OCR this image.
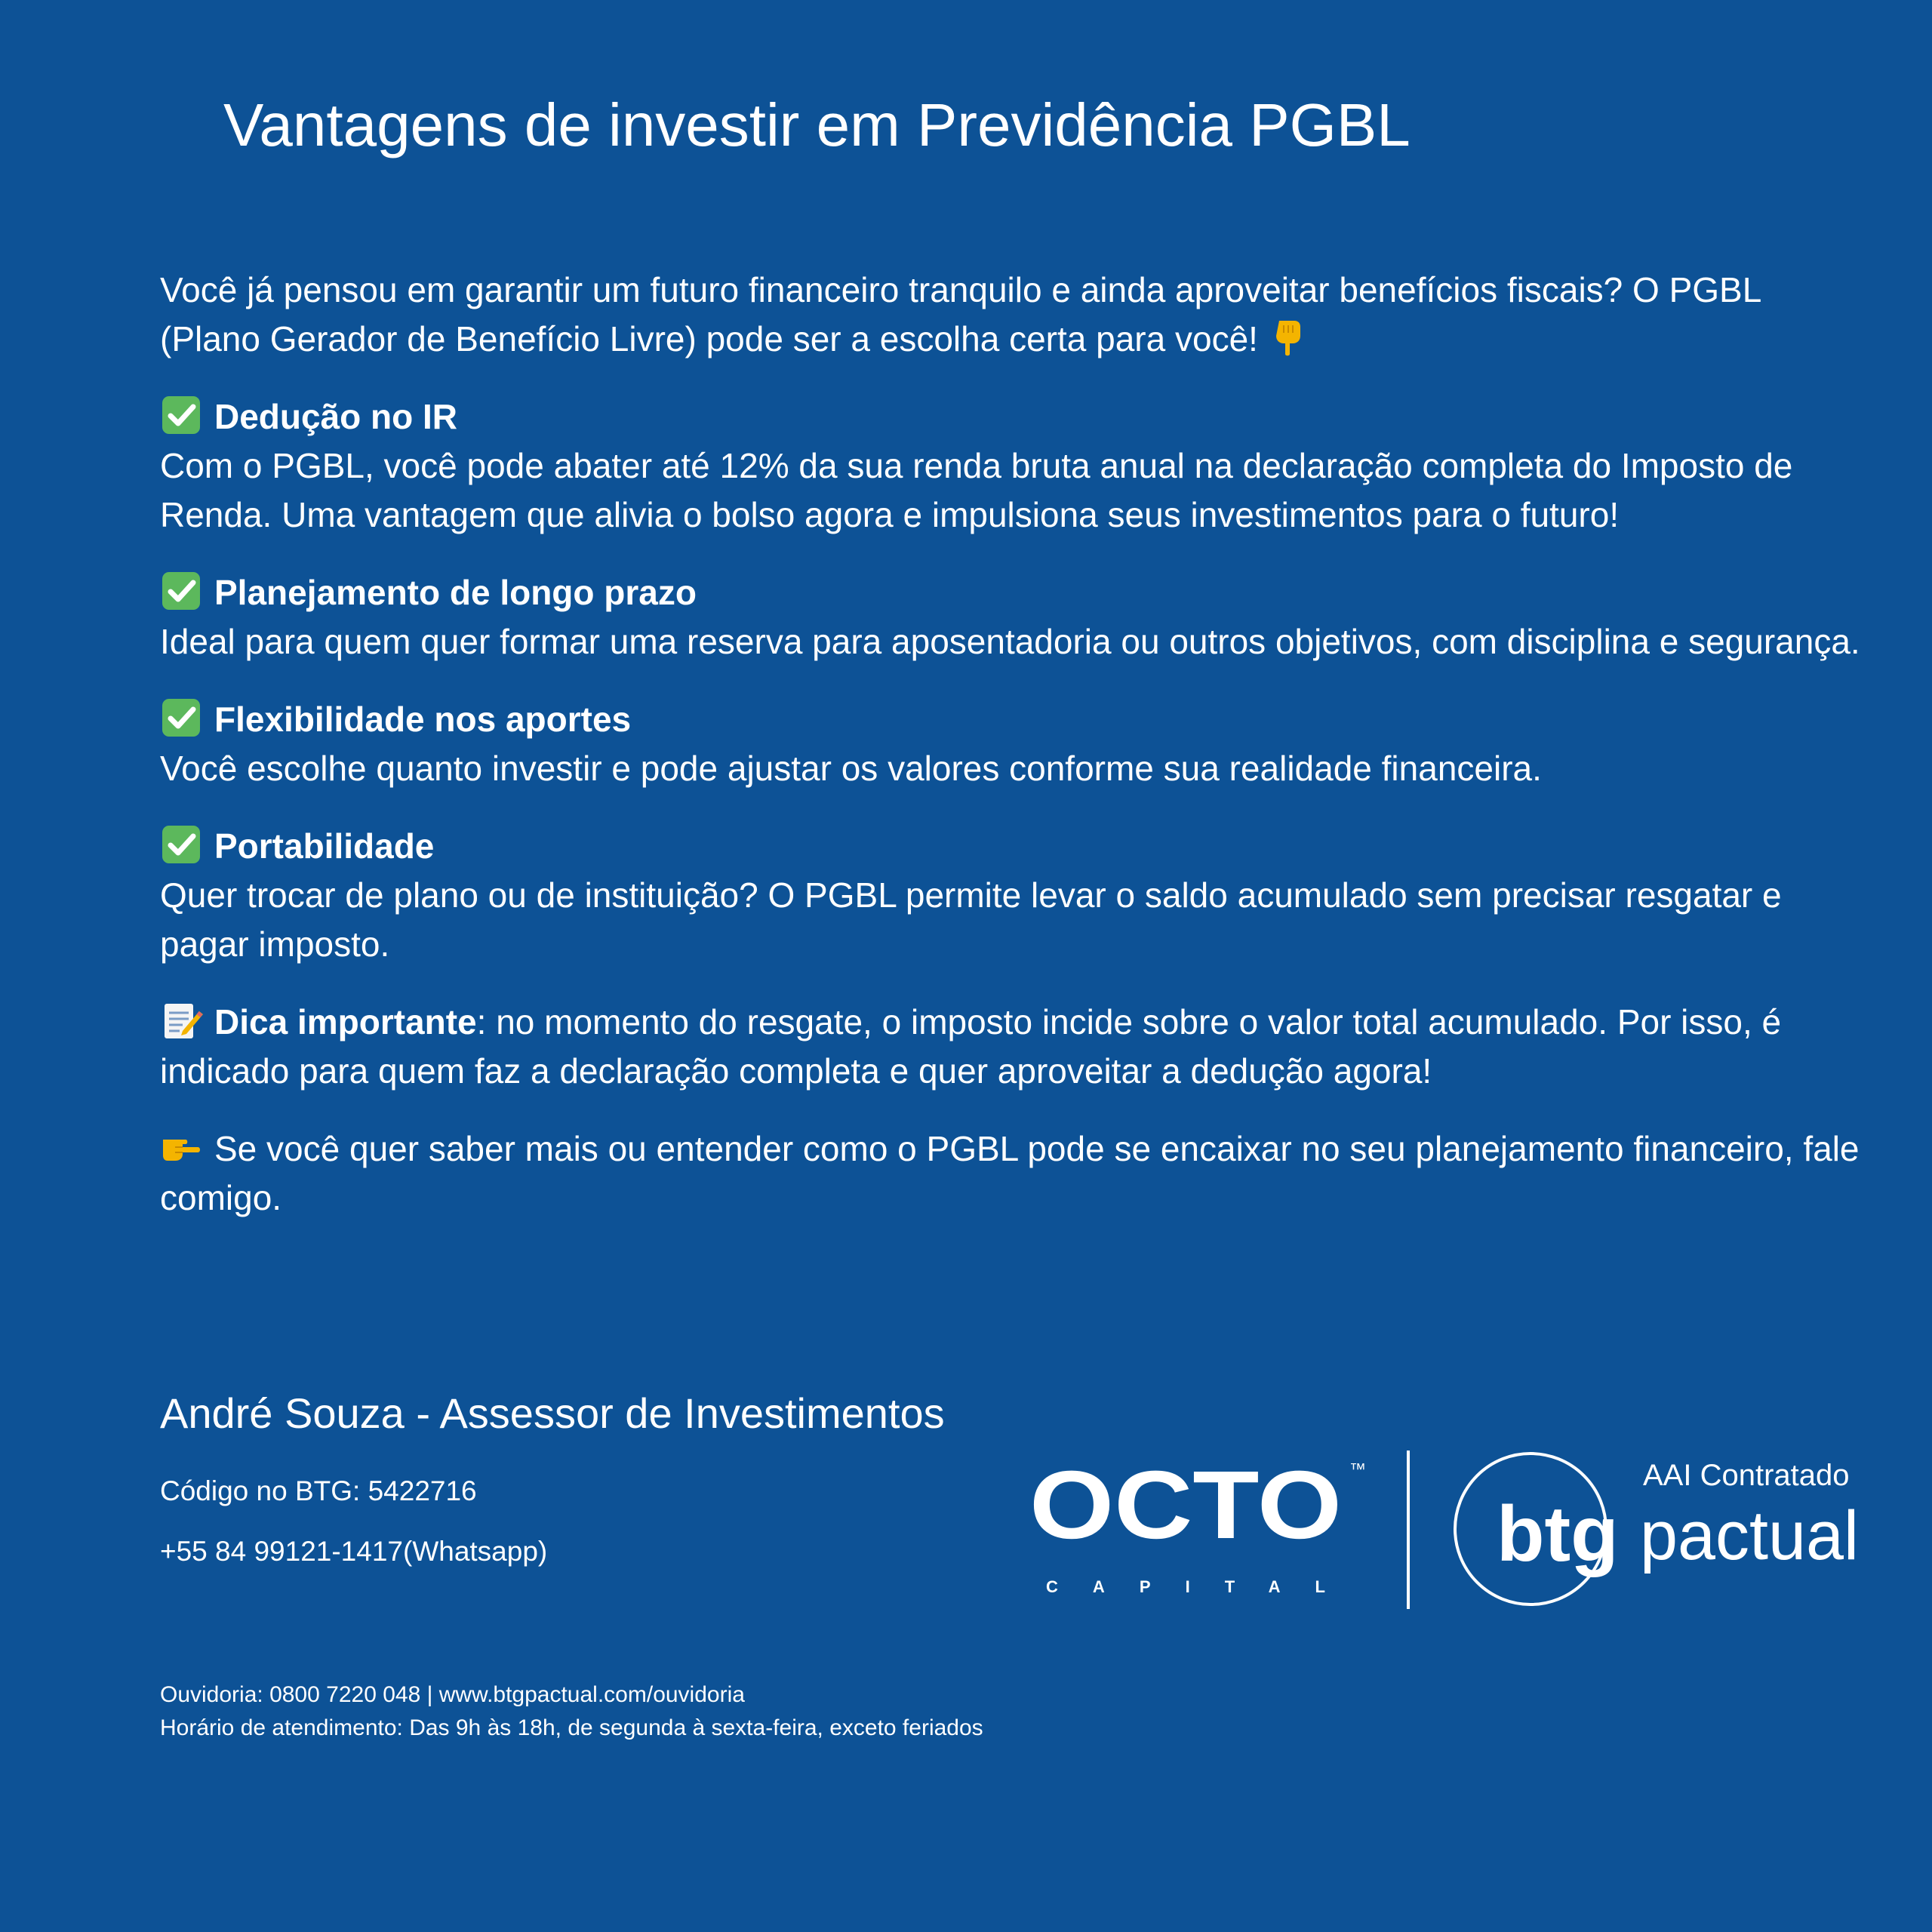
Vantagens de investir em Previdência PGBL

Você já pensou em garantir um futuro financeiro tranquilo e ainda aproveitar benefícios fiscais? O PGBL (Plano Gerador de Benefício Livre) pode ser a escolha certa para você!

Dedução no IR
Com o PGBL, você pode abater até 12% da sua renda bruta anual na declaração completa do Imposto de Renda. Uma vantagem que alivia o bolso agora e impulsiona seus investimentos para o futuro!

Planejamento de longo prazo
Ideal para quem quer formar uma reserva para aposentadoria ou outros objetivos, com disciplina e segurança.

Flexibilidade nos aportes
Você escolhe quanto investir e pode ajustar os valores conforme sua realidade financeira.

Portabilidade
Quer trocar de plano ou de instituição? O PGBL permite levar o saldo acumulado sem precisar resgatar e pagar imposto.

Dica importante: no momento do resgate, o imposto incide sobre o valor total acumulado. Por isso, é indicado para quem faz a declaração completa e quer aproveitar a dedução agora!

Se você quer saber mais ou entender como o PGBL pode se encaixar no seu planejamento financeiro, fale comigo.

André Souza - Assessor de Investimentos
Código no BTG: 5422716
+55 84 99121-1417(Whatsapp)	OCTO ™
CAPITAL
AAI Contratado
btg pactual
Ouvidoria: 0800 7220 048 | www.btgpactual.com/ouvidoria
Horário de atendimento: Das 9h às 18h, de segunda à sexta-feira, exceto feriados
